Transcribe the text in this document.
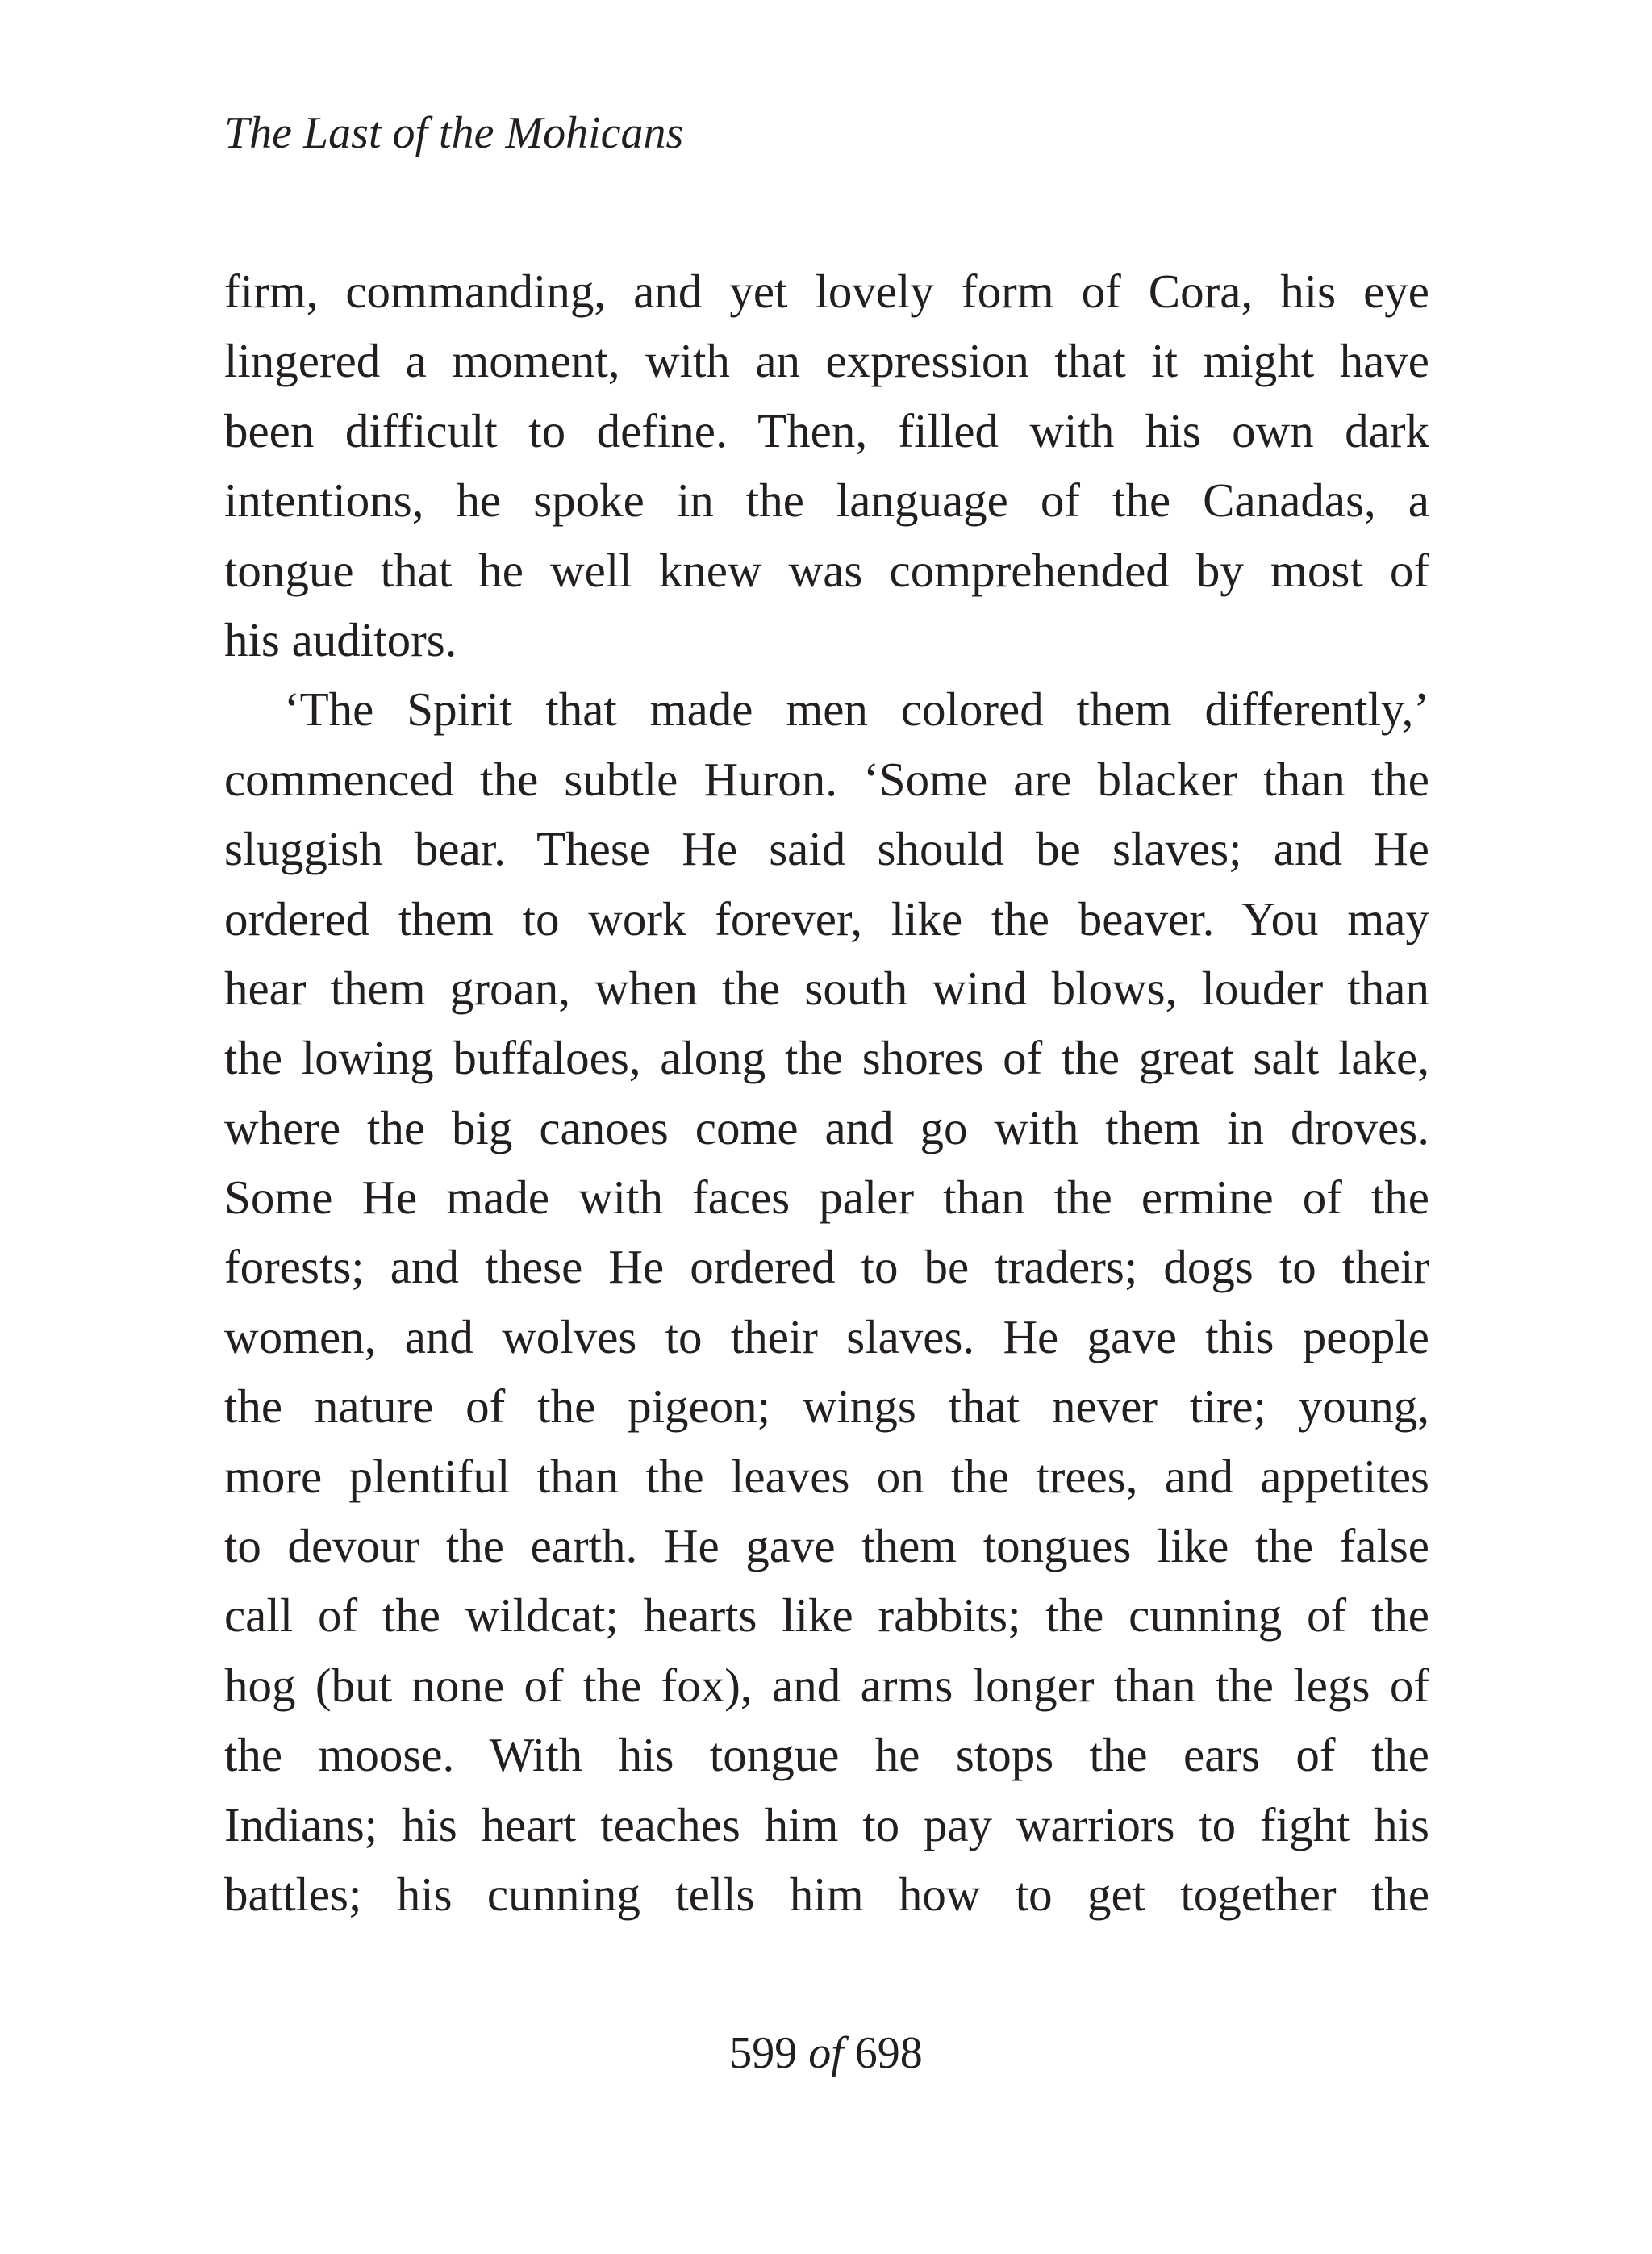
The Last of the Mohicans
firm, commanding, and yet lovely form of Cora, his eye
lingered a moment, with an expression that it might have
been difficult to define. Then, filled with his own dark
intentions, he spoke in the language of the Canadas, a
tongue that he well knew was comprehended by most of
his auditors.
‘The Spirit that made men colored them differently,’
commenced the subtle Huron. ‘Some are blacker than the
sluggish bear. These He said should be slaves; and He
ordered them to work forever, like the beaver. You may
hear them groan, when the south wind blows, louder than
the lowing buffaloes, along the shores of the great salt lake,
where the big canoes come and go with them in droves.
Some He made with faces paler than the ermine of the
forests; and these He ordered to be traders; dogs to their
women, and wolves to their slaves. He gave this people
the nature of the pigeon; wings that never tire; young,
more plentiful than the leaves on the trees, and appetites
to devour the earth. He gave them tongues like the false
call of the wildcat; hearts like rabbits; the cunning of the
hog (but none of the fox), and arms longer than the legs of
the moose. With his tongue he stops the ears of the
Indians; his heart teaches him to pay warriors to fight his
battles; his cunning tells him how to get together the
599 of 698
